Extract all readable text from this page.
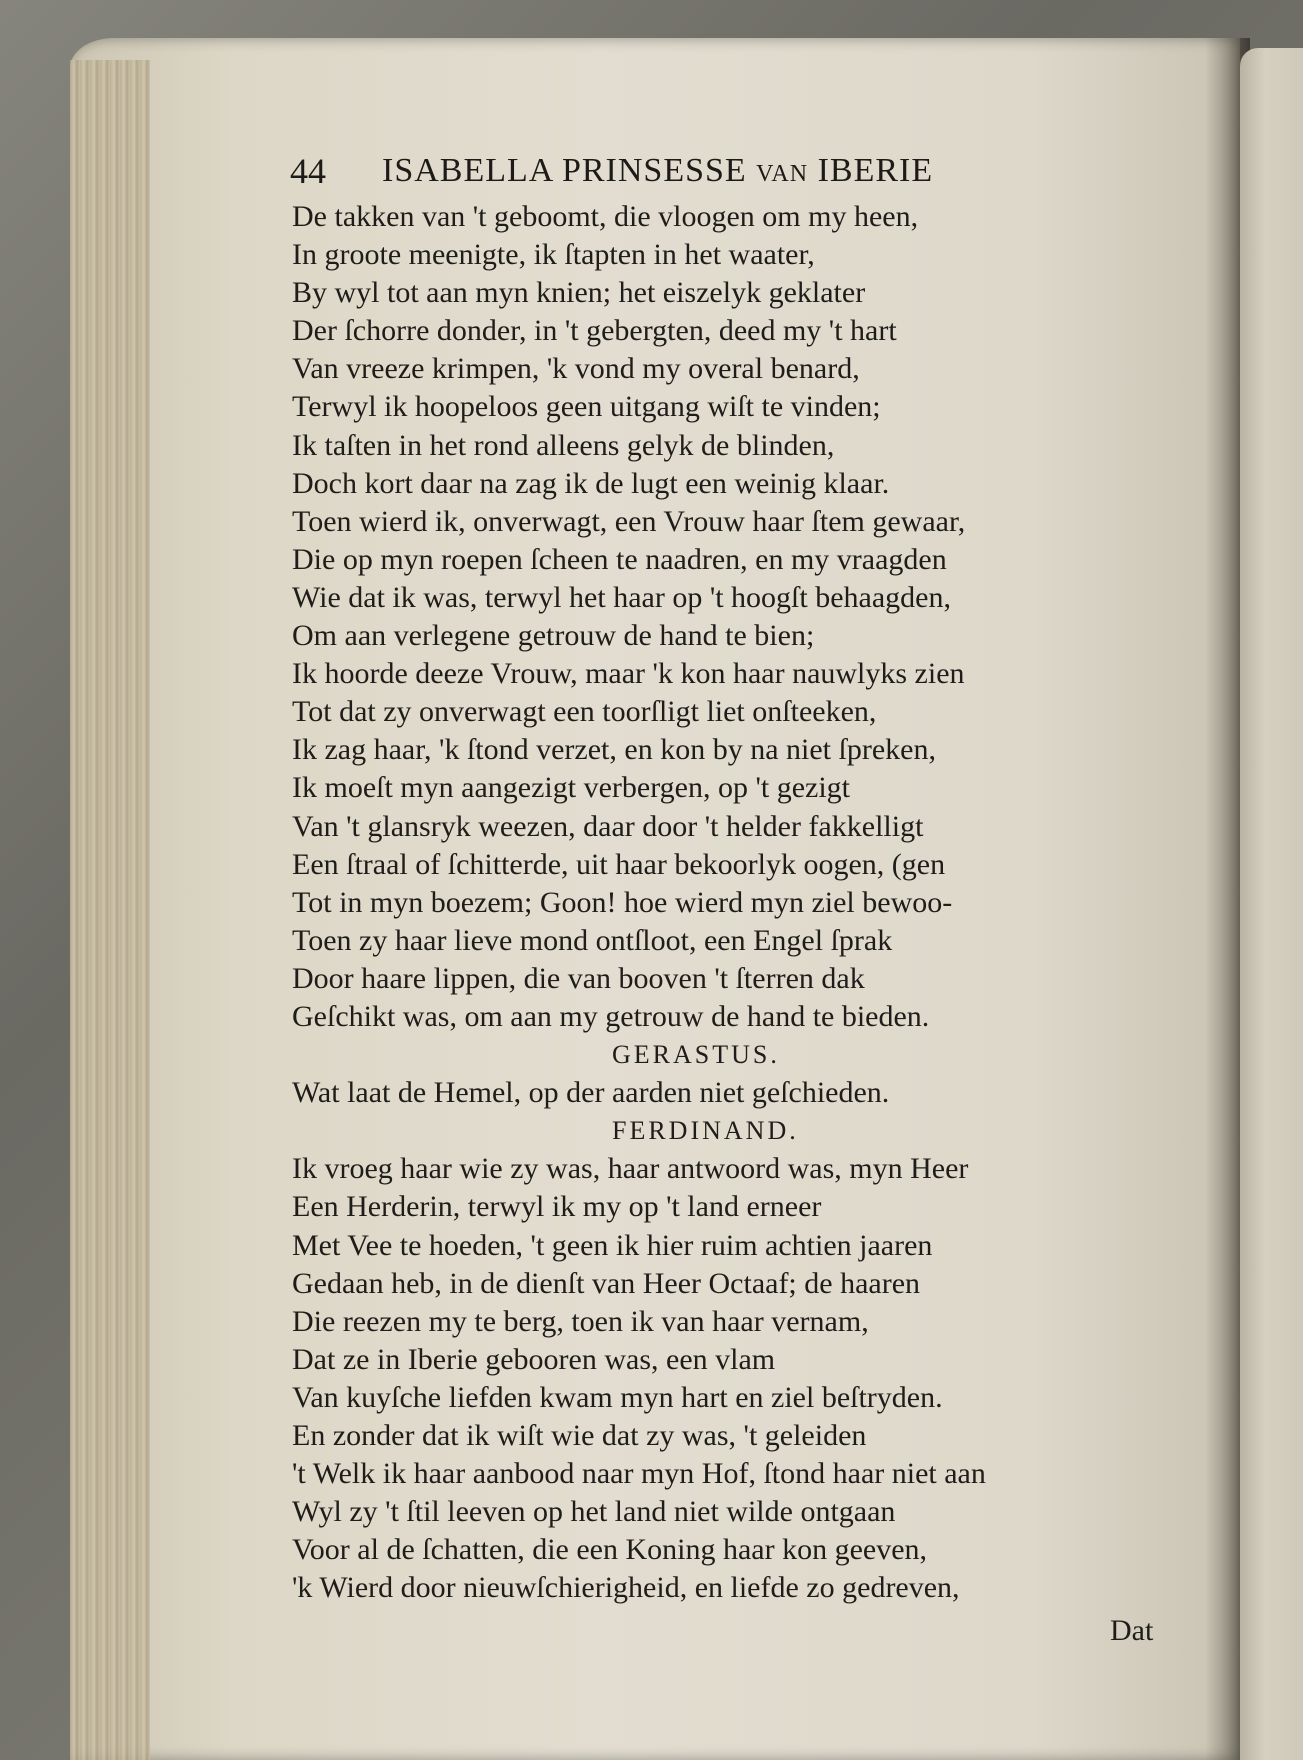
44 ISABELLA PRINSESSE van IBERIE
De takken van 't geboomt, die vloogen om my heen,
In groote meenigte, ik ſtapten in het waater,
By wyl tot aan myn knien; het eiszelyk geklater
Der ſchorre donder, in 't gebergten, deed my 't hart
Van vreeze krimpen, 'k vond my overal benard,
Terwyl ik hoopeloos geen uitgang wiſt te vinden;
Ik taſten in het rond alleens gelyk de blinden,
Doch kort daar na zag ik de lugt een weinig klaar.
Toen wierd ik, onverwagt, een Vrouw haar ſtem gewaar,
Die op myn roepen ſcheen te naadren, en my vraagden
Wie dat ik was, terwyl het haar op 't hoogſt behaagden,
Om aan verlegene getrouw de hand te bien;
Ik hoorde deeze Vrouw, maar 'k kon haar nauwlyks zien
Tot dat zy onverwagt een toorſligt liet onſteeken,
Ik zag haar, 'k ſtond verzet, en kon by na niet ſpreken,
Ik moeſt myn aangezigt verbergen, op 't gezigt
Van 't glansryk weezen, daar door 't helder fakkelligt
Een ſtraal of ſchitterde, uit haar bekoorlyk oogen, (gen
Tot in myn boezem; Goon! hoe wierd myn ziel bewoo-
Toen zy haar lieve mond ontſloot, een Engel ſprak
Door haare lippen, die van booven 't ſterren dak
Geſchikt was, om aan my getrouw de hand te bieden.
GERASTUS.
Wat laat de Hemel, op der aarden niet geſchieden.
FERDINAND.
Ik vroeg haar wie zy was, haar antwoord was, myn Heer
Een Herderin, terwyl ik my op 't land erneer
Met Vee te hoeden, 't geen ik hier ruim achtien jaaren
Gedaan heb, in de dienſt van Heer Octaaf; de haaren
Die reezen my te berg, toen ik van haar vernam,
Dat ze in Iberie gebooren was, een vlam
Van kuyſche liefden kwam myn hart en ziel beſtryden.
En zonder dat ik wiſt wie dat zy was, 't geleiden
't Welk ik haar aanbood naar myn Hof, ſtond haar niet aan
Wyl zy 't ſtil leeven op het land niet wilde ontgaan
Voor al de ſchatten, die een Koning haar kon geeven,
'k Wierd door nieuwſchierigheid, en liefde zo gedreven,
Dat
